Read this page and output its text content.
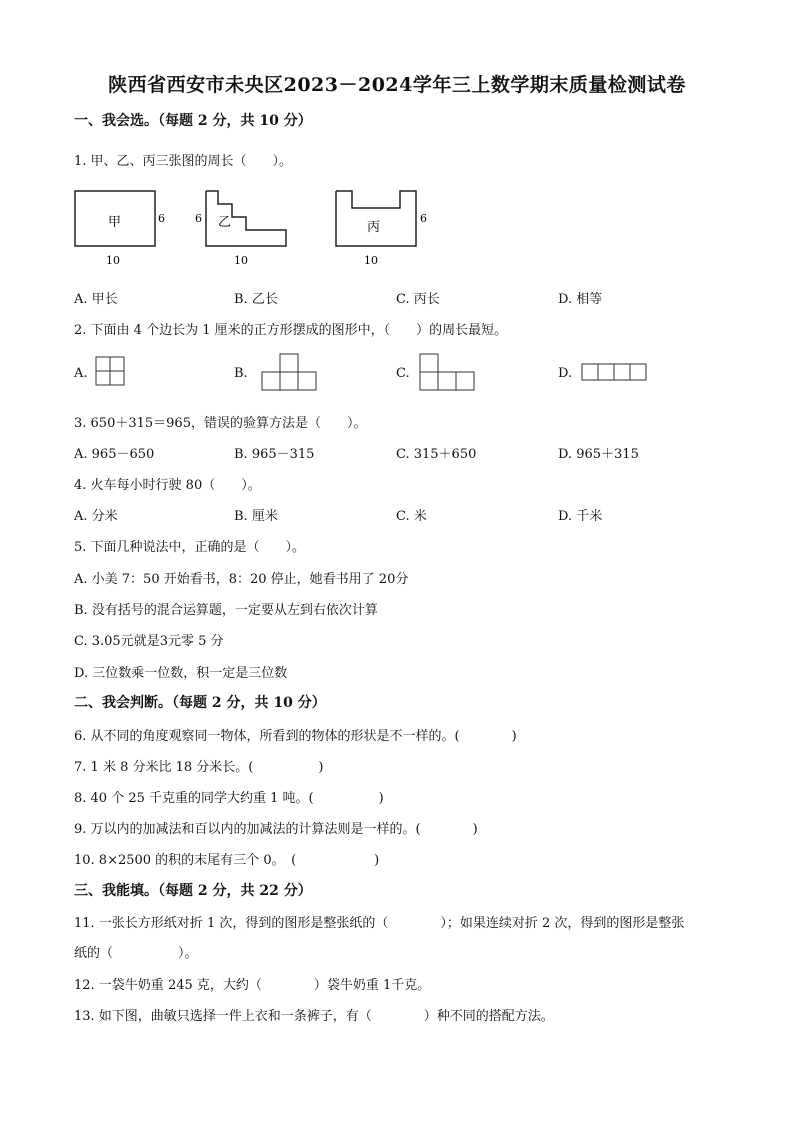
陕西省西安市未央区2023－2024学年三上数学期末质量检测试卷
一、我会选。（每题 2 分，共 10 分）
1. 甲、乙、丙三张图的周长（　　）。
甲	6
10
乙
6
10
丙
6
10
A. 甲长	B. 乙长	C. 丙长	D. 相等
2. 下面由 4 个边长为 1 厘米的正方形摆成的图形中，（　　）的周长最短。
A.	B.	C.	D.
3. 650＋315＝965，错误的验算方法是（　　）。
A. 965－650	B. 965－315	C. 315＋650	D. 965＋315
4. 火车每小时行驶 80（　　）。
A. 分米	B. 厘米	C. 米	D. 千米
5. 下面几种说法中，正确的是（　　）。
A. 小美 7：50 开始看书，8：20 停止，她看书用了 20分
B. 没有括号的混合运算题，一定要从左到右依次计算
C. 3.05元就是3元零 5 分
D. 三位数乘一位数，积一定是三位数
二、我会判断。（每题 2 分，共 10 分）
6. 从不同的角度观察同一物体，所看到的物体的形状是不一样的。(　　　　)
7. 1 米 8 分米比 18 分米长。(　　　　　)
8. 40 个 25 千克重的同学大约重 1 吨。(　　　　　)
9. 万以内的加减法和百以内的加减法的计算法则是一样的。(　　　　)
10. 8×2500 的积的末尾有三个 0。　(　　　　　　)
三、我能填。（每题 2 分，共 22 分）
11. 一张长方形纸对折 1 次，得到的图形是整张纸的（　　　　）；如果连续对折 2 次，得到的图形是整张
纸的（　　　　　）。
12. 一袋牛奶重 245 克，大约（　　　　）袋牛奶重 1千克。
13. 如下图，曲敏只选择一件上衣和一条裤子，有（　　　　）种不同的搭配方法。
